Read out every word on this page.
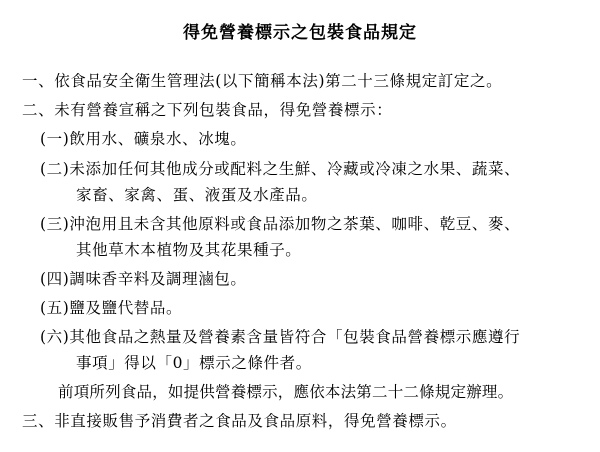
得免營養標示之包裝食品規定
一、依食品安全衛生管理法(以下簡稱本法)第二十三條規定訂定之。
二、未有營養宣稱之下列包裝食品，得免營養標示：
(一)飲用水、礦泉水、冰塊。
(二)未添加任何其他成分或配料之生鮮、冷藏或冷凍之水果、蔬菜、
家畜、家禽、蛋、液蛋及水產品。
(三)沖泡用且未含其他原料或食品添加物之茶葉、咖啡、乾豆、麥、
其他草木本植物及其花果種子。
(四)調味香辛料及調理滷包。
(五)鹽及鹽代替品。
(六)其他食品之熱量及營養素含量皆符合「包裝食品營養標示應遵行
事項」得以「0」標示之條件者。
前項所列食品，如提供營養標示，應依本法第二十二條規定辦理。
三、非直接販售予消費者之食品及食品原料，得免營養標示。
